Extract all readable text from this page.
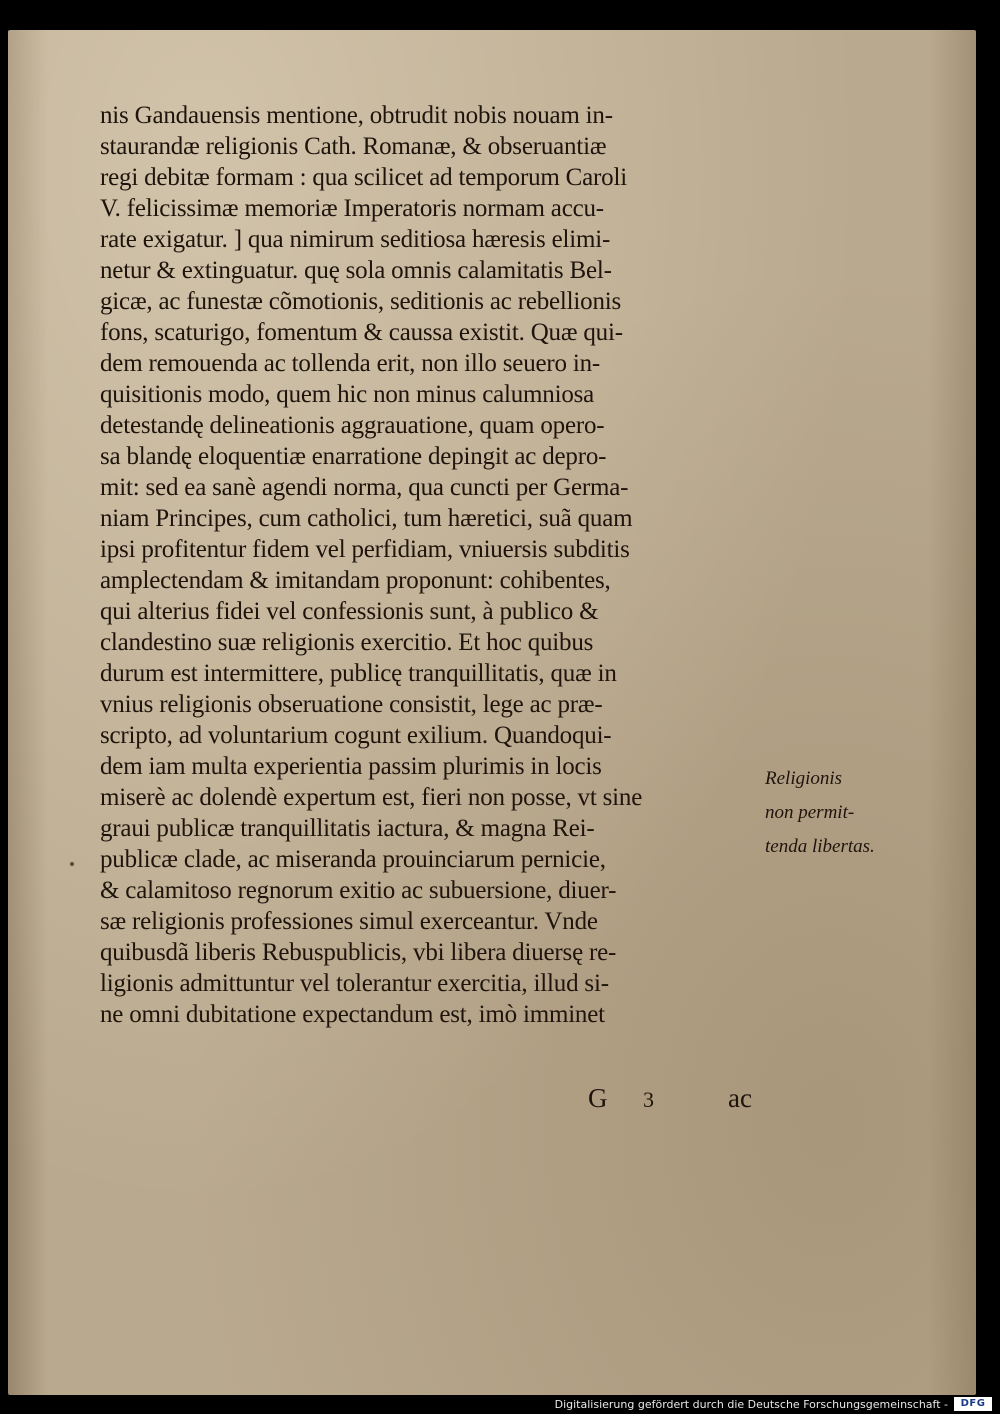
nis Gandauensis mentione, obtrudit nobis nouam in-
staurandæ religionis Cath. Romanæ, & obseruantiæ
regi debitæ formam : qua scilicet ad temporum Caroli
V. felicissimæ memoriæ Imperatoris normam accu-
rate exigatur. ] qua nimirum seditiosa hæresis elimi-
netur & extinguatur. quę sola omnis calamitatis Bel-
gicæ, ac funestæ cõmotionis, seditionis ac rebellionis
fons, scaturigo, fomentum & caussa existit. Quæ qui-
dem remouenda ac tollenda erit, non illo seuero in-
quisitionis modo, quem hic non minus calumniosa
detestandę delineationis aggrauatione, quam opero-
sa blandę eloquentiæ enarratione depingit ac depro-
mit: sed ea sanè agendi norma, qua cuncti per Germa-
niam Principes, cum catholici, tum hæretici, suã quam
ipsi profitentur fidem vel perfidiam, vniuersis subditis
amplectendam & imitandam proponunt: cohibentes,
qui alterius fidei vel confessionis sunt, à publico &
clandestino suæ religionis exercitio. Et hoc quibus
durum est intermittere, publicę tranquillitatis, quæ in
vnius religionis obseruatione consistit, lege ac præ-
scripto, ad voluntarium cogunt exilium. Quandoqui-
dem iam multa experientia passim plurimis in locis
miserè ac dolendè expertum est, fieri non posse, vt sine
graui publicæ tranquillitatis iactura, & magna Rei-
publicæ clade, ac miseranda prouinciarum pernicie,
& calamitoso regnorum exitio ac subuersione, diuer-
sæ religionis professiones simul exerceantur. Vnde
quibusdã liberis Rebuspublicis, vbi libera diuersę re-
ligionis admittuntur vel tolerantur exercitia, illud si-
ne omni dubitatione expectandum est, imò imminet
Religionis
non permit-
tenda libertas.
G 3	ac
Digitalisierung gefördert durch die Deutsche Forschungsgemeinschaft -	DFG
